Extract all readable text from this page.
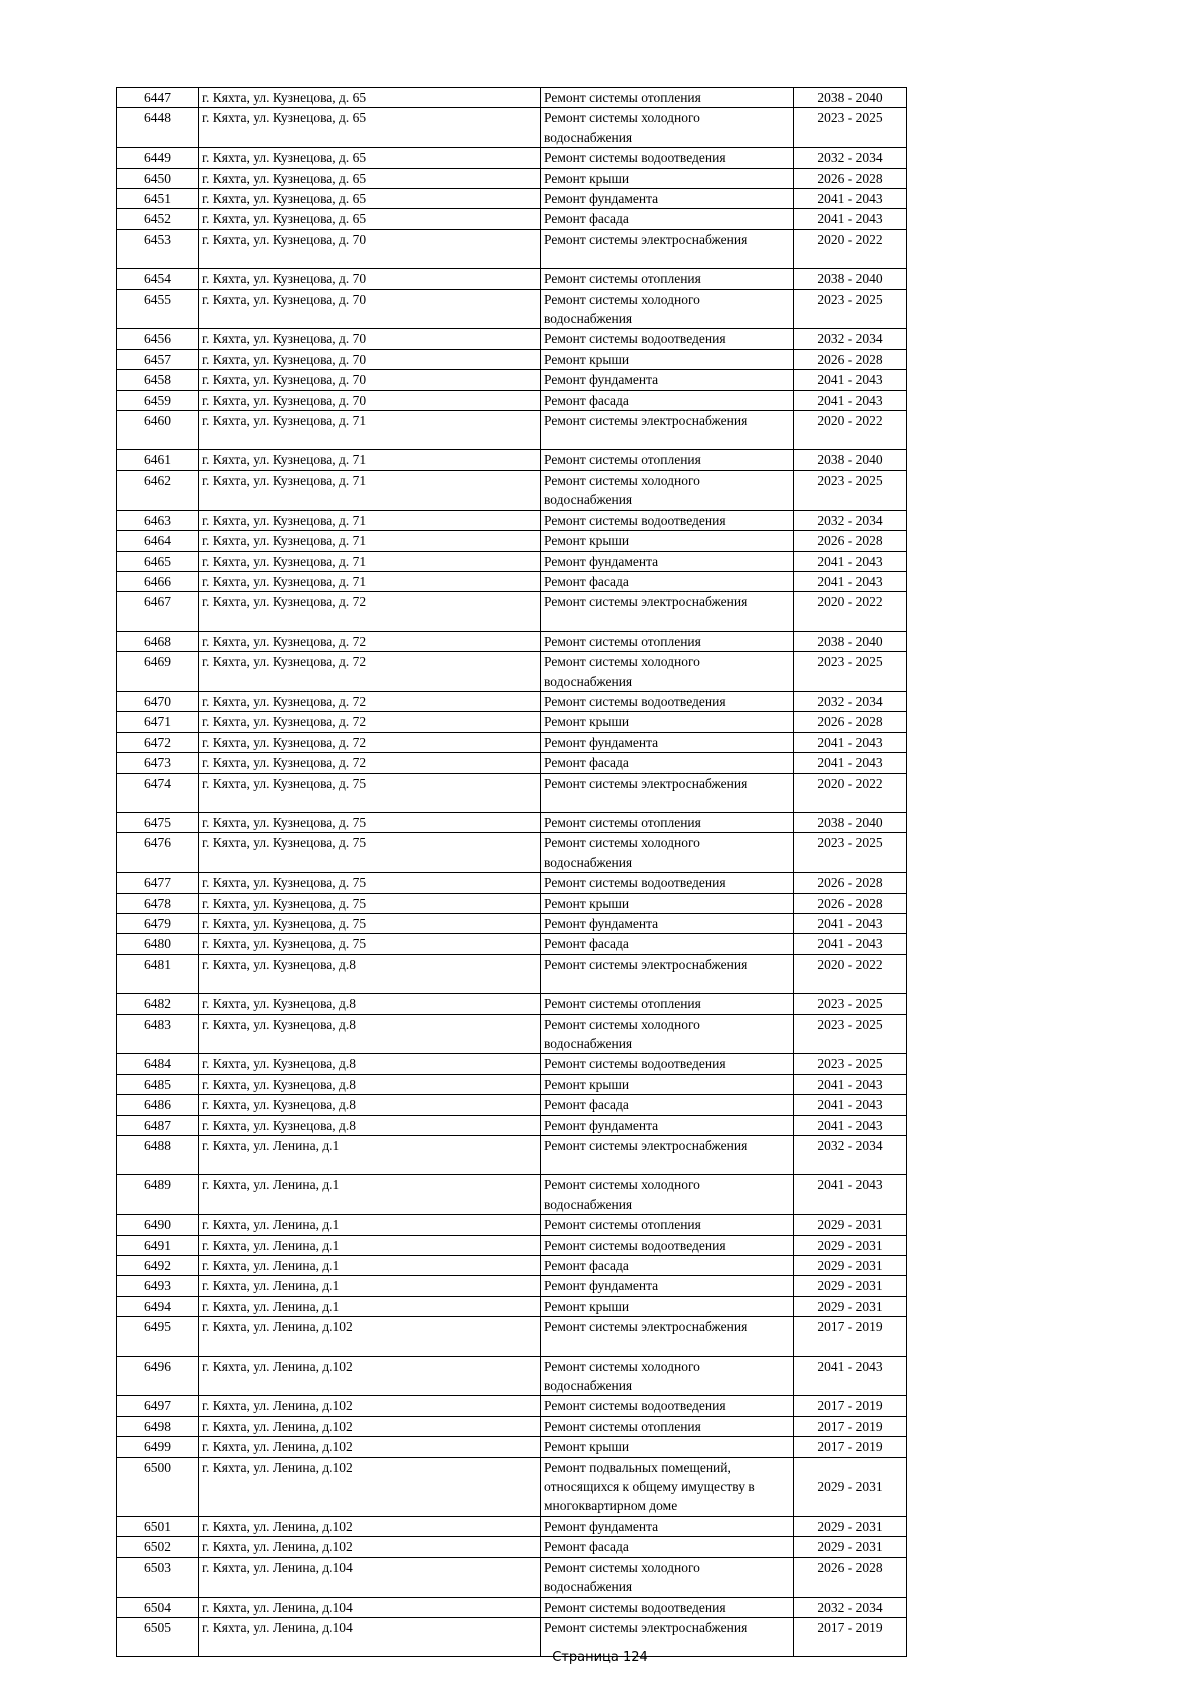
6447	г. Кяхта, ул. Кузнецова, д. 65	Ремонт системы отопления	2038 - 2040
6448	г. Кяхта, ул. Кузнецова, д. 65	Ремонт системы холодного водоснабжения	2023 - 2025
6449	г. Кяхта, ул. Кузнецова, д. 65	Ремонт системы водоотведения	2032 - 2034
6450	г. Кяхта, ул. Кузнецова, д. 65	Ремонт крыши	2026 - 2028
6451	г. Кяхта, ул. Кузнецова, д. 65	Ремонт фундамента	2041 - 2043
6452	г. Кяхта, ул. Кузнецова, д. 65	Ремонт фасада	2041 - 2043
6453	г. Кяхта, ул. Кузнецова, д. 70	Ремонт системы электроснабжения	2020 - 2022
6454	г. Кяхта, ул. Кузнецова, д. 70	Ремонт системы отопления	2038 - 2040
6455	г. Кяхта, ул. Кузнецова, д. 70	Ремонт системы холодного водоснабжения	2023 - 2025
6456	г. Кяхта, ул. Кузнецова, д. 70	Ремонт системы водоотведения	2032 - 2034
6457	г. Кяхта, ул. Кузнецова, д. 70	Ремонт крыши	2026 - 2028
6458	г. Кяхта, ул. Кузнецова, д. 70	Ремонт фундамента	2041 - 2043
6459	г. Кяхта, ул. Кузнецова, д. 70	Ремонт фасада	2041 - 2043
6460	г. Кяхта, ул. Кузнецова, д. 71	Ремонт системы электроснабжения	2020 - 2022
6461	г. Кяхта, ул. Кузнецова, д. 71	Ремонт системы отопления	2038 - 2040
6462	г. Кяхта, ул. Кузнецова, д. 71	Ремонт системы холодного водоснабжения	2023 - 2025
6463	г. Кяхта, ул. Кузнецова, д. 71	Ремонт системы водоотведения	2032 - 2034
6464	г. Кяхта, ул. Кузнецова, д. 71	Ремонт крыши	2026 - 2028
6465	г. Кяхта, ул. Кузнецова, д. 71	Ремонт фундамента	2041 - 2043
6466	г. Кяхта, ул. Кузнецова, д. 71	Ремонт фасада	2041 - 2043
6467	г. Кяхта, ул. Кузнецова, д. 72	Ремонт системы электроснабжения	2020 - 2022
6468	г. Кяхта, ул. Кузнецова, д. 72	Ремонт системы отопления	2038 - 2040
6469	г. Кяхта, ул. Кузнецова, д. 72	Ремонт системы холодного водоснабжения	2023 - 2025
6470	г. Кяхта, ул. Кузнецова, д. 72	Ремонт системы водоотведения	2032 - 2034
6471	г. Кяхта, ул. Кузнецова, д. 72	Ремонт крыши	2026 - 2028
6472	г. Кяхта, ул. Кузнецова, д. 72	Ремонт фундамента	2041 - 2043
6473	г. Кяхта, ул. Кузнецова, д. 72	Ремонт фасада	2041 - 2043
6474	г. Кяхта, ул. Кузнецова, д. 75	Ремонт системы электроснабжения	2020 - 2022
6475	г. Кяхта, ул. Кузнецова, д. 75	Ремонт системы отопления	2038 - 2040
6476	г. Кяхта, ул. Кузнецова, д. 75	Ремонт системы холодного водоснабжения	2023 - 2025
6477	г. Кяхта, ул. Кузнецова, д. 75	Ремонт системы водоотведения	2026 - 2028
6478	г. Кяхта, ул. Кузнецова, д. 75	Ремонт крыши	2026 - 2028
6479	г. Кяхта, ул. Кузнецова, д. 75	Ремонт фундамента	2041 - 2043
6480	г. Кяхта, ул. Кузнецова, д. 75	Ремонт фасада	2041 - 2043
6481	г. Кяхта, ул. Кузнецова, д.8	Ремонт системы электроснабжения	2020 - 2022
6482	г. Кяхта, ул. Кузнецова, д.8	Ремонт системы отопления	2023 - 2025
6483	г. Кяхта, ул. Кузнецова, д.8	Ремонт системы холодного водоснабжения	2023 - 2025
6484	г. Кяхта, ул. Кузнецова, д.8	Ремонт системы водоотведения	2023 - 2025
6485	г. Кяхта, ул. Кузнецова, д.8	Ремонт крыши	2041 - 2043
6486	г. Кяхта, ул. Кузнецова, д.8	Ремонт фасада	2041 - 2043
6487	г. Кяхта, ул. Кузнецова, д.8	Ремонт фундамента	2041 - 2043
6488	г. Кяхта, ул. Ленина, д.1	Ремонт системы электроснабжения	2032 - 2034
6489	г. Кяхта, ул. Ленина, д.1	Ремонт системы холодного водоснабжения	2041 - 2043
6490	г. Кяхта, ул. Ленина, д.1	Ремонт системы отопления	2029 - 2031
6491	г. Кяхта, ул. Ленина, д.1	Ремонт системы водоотведения	2029 - 2031
6492	г. Кяхта, ул. Ленина, д.1	Ремонт фасада	2029 - 2031
6493	г. Кяхта, ул. Ленина, д.1	Ремонт фундамента	2029 - 2031
6494	г. Кяхта, ул. Ленина, д.1	Ремонт крыши	2029 - 2031
6495	г. Кяхта, ул. Ленина, д.102	Ремонт системы электроснабжения	2017 - 2019
6496	г. Кяхта, ул. Ленина, д.102	Ремонт системы холодного водоснабжения	2041 - 2043
6497	г. Кяхта, ул. Ленина, д.102	Ремонт системы водоотведения	2017 - 2019
6498	г. Кяхта, ул. Ленина, д.102	Ремонт системы отопления	2017 - 2019
6499	г. Кяхта, ул. Ленина, д.102	Ремонт крыши	2017 - 2019
6500	г. Кяхта, ул. Ленина, д.102	Ремонт подвальных помещений, относящихся к общему имуществу в многоквартирном доме	2029 - 2031
6501	г. Кяхта, ул. Ленина, д.102	Ремонт фундамента	2029 - 2031
6502	г. Кяхта, ул. Ленина, д.102	Ремонт фасада	2029 - 2031
6503	г. Кяхта, ул. Ленина, д.104	Ремонт системы холодного водоснабжения	2026 - 2028
6504	г. Кяхта, ул. Ленина, д.104	Ремонт системы водоотведения	2032 - 2034
6505	г. Кяхта, ул. Ленина, д.104	Ремонт системы электроснабжения	2017 - 2019
Страница 124
